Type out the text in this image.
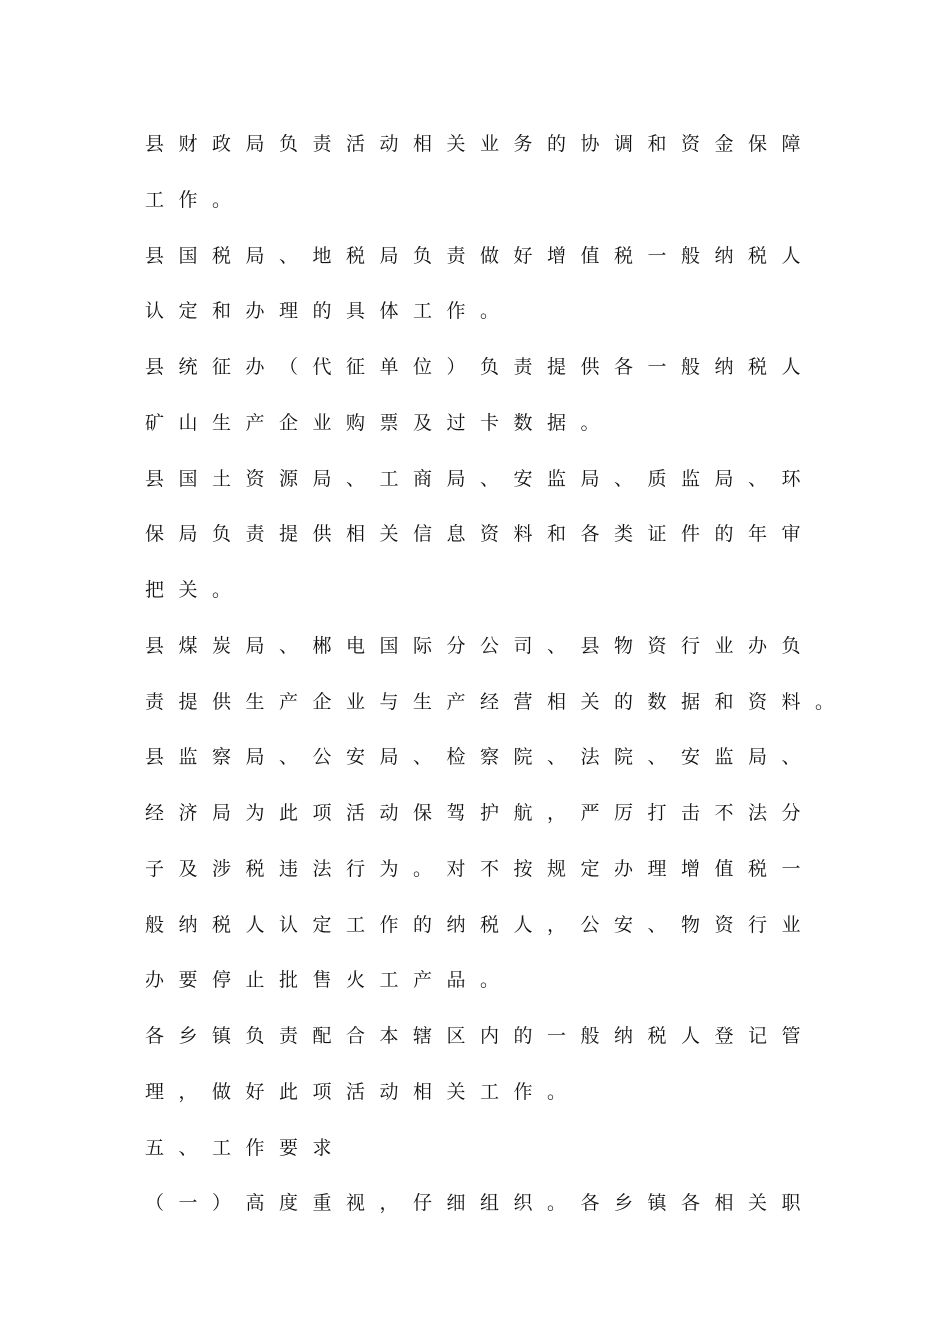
县财政局负责活动相关业务的协调和资金保障
工作。
县国税局、地税局负责做好增值税一般纳税人
认定和办理的具体工作。
县统征办（代征单位）负责提供各一般纳税人
矿山生产企业购票及过卡数据。
县国土资源局、工商局、安监局、质监局、环
保局负责提供相关信息资料和各类证件的年审
把关。
县煤炭局、郴电国际分公司、县物资行业办负
责提供生产企业与生产经营相关的数据和资料。
县监察局、公安局、检察院、法院、安监局、
经济局为此项活动保驾护航，严厉打击不法分
子及涉税违法行为。对不按规定办理增值税一
般纳税人认定工作的纳税人，公安、物资行业
办要停止批售火工产品。
各乡镇负责配合本辖区内的一般纳税人登记管
理，做好此项活动相关工作。
五、工作要求
（一）高度重视，仔细组织。各乡镇各相关职
